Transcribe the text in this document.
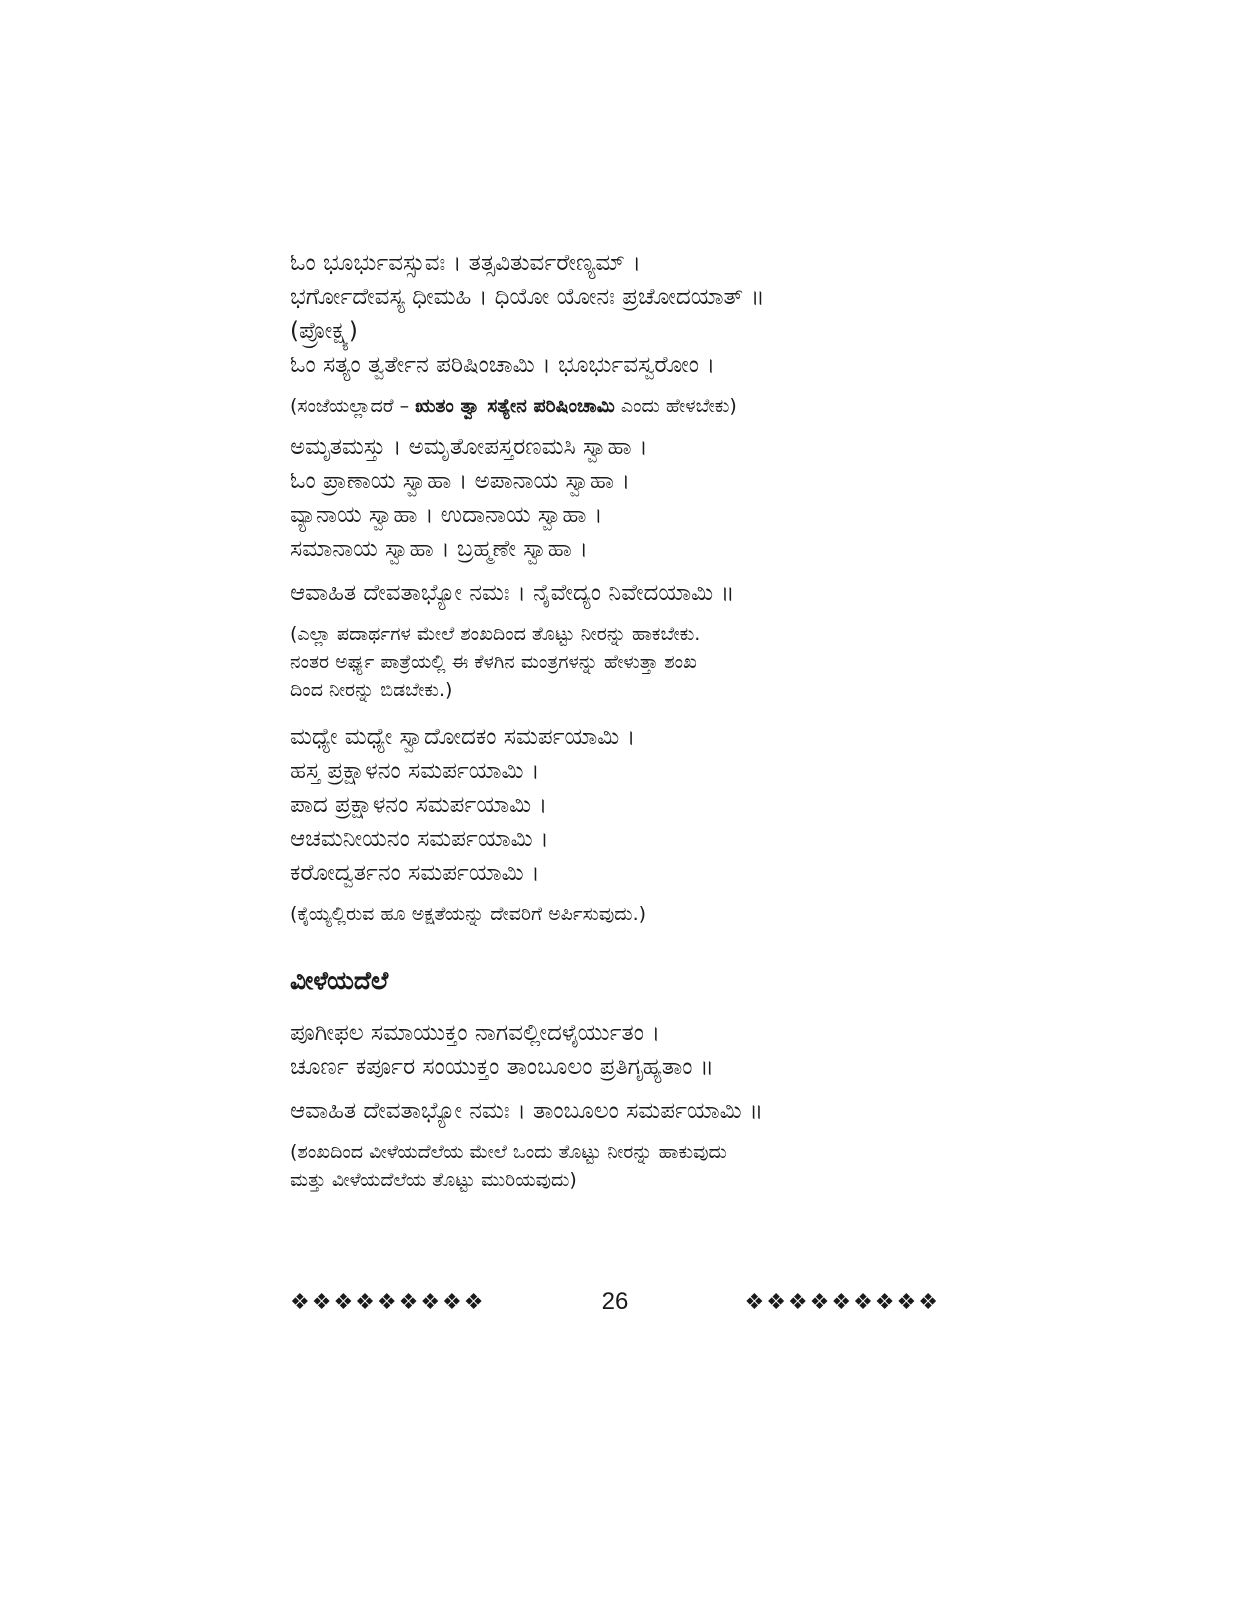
ಓಂ ಭೂರ್ಭುವಸ್ಸುವಃ । ತತ್ಸವಿತುರ್ವರೇಣ್ಯಮ್ ।
ಭರ್ಗೋದೇವಸ್ಯ ಧೀಮಹಿ । ಧಿಯೋ ಯೋನಃ ಪ್ರಚೋದಯಾತ್ ॥
(ಪ್ರೋಕ್ಷ್ಯ)
ಓಂ ಸತ್ಯಂ ತ್ವರ್ತೇನ ಪರಿಷಿಂಚಾಮಿ । ಭೂರ್ಭುವಸ್ವರೋಂ ।
(ಸಂಜೆಯಲ್ಲಾದರೆ – ಋತಂ ತ್ವಾ ಸತ್ಯೇನ ಪರಿಷಿಂಚಾಮಿ ಎಂದು ಹೇಳಬೇಕು)
ಅಮೃತಮಸ್ತು । ಅಮೃತೋಪಸ್ತರಣಮಸಿ ಸ್ವಾಹಾ ।
ಓಂ ಪ್ರಾಣಾಯ ಸ್ವಾಹಾ । ಅಪಾನಾಯ ಸ್ವಾಹಾ ।
ವ್ಯಾನಾಯ ಸ್ವಾಹಾ । ಉದಾನಾಯ ಸ್ವಾಹಾ ।
ಸಮಾನಾಯ ಸ್ವಾಹಾ । ಬ್ರಹ್ಮಣೇ ಸ್ವಾಹಾ ।
ಆವಾಹಿತ ದೇವತಾಭ್ಯೋ ನಮಃ । ನೈವೇದ್ಯಂ ನಿವೇದಯಾಮಿ ॥
(ಎಲ್ಲಾ ಪದಾರ್ಥಗಳ ಮೇಲೆ ಶಂಖದಿಂದ ತೊಟ್ಟು ನೀರನ್ನು ಹಾಕಬೇಕು.
ನಂತರ ಅರ್ಘ್ಯ ಪಾತ್ರೆಯಲ್ಲಿ ಈ ಕೆಳಗಿನ ಮಂತ್ರಗಳನ್ನು ಹೇಳುತ್ತಾ ಶಂಖ
ದಿಂದ ನೀರನ್ನು ಬಿಡಬೇಕು.)
ಮಧ್ಯೇ ಮಧ್ಯೇ ಸ್ವಾದೋದಕಂ ಸಮರ್ಪಯಾಮಿ ।
ಹಸ್ತ ಪ್ರಕ್ಷಾಳನಂ ಸಮರ್ಪಯಾಮಿ ।
ಪಾದ ಪ್ರಕ್ಷಾಳನಂ ಸಮರ್ಪಯಾಮಿ ।
ಆಚಮನೀಯನಂ ಸಮರ್ಪಯಾಮಿ ।
ಕರೋದ್ವರ್ತನಂ ಸಮರ್ಪಯಾಮಿ ।
(ಕೈಯ್ಯಲ್ಲಿರುವ ಹೂ ಅಕ್ಷತೆಯನ್ನು ದೇವರಿಗೆ ಅರ್ಪಿಸುವುದು.)
ವೀಳೆಯದೆಲೆ
ಪೂಗೀಫಲ ಸಮಾಯುಕ್ತಂ ನಾಗವಲ್ಲೀದಳೈರ್ಯುತಂ ।
ಚೂರ್ಣ ಕರ್ಪೂರ ಸಂಯುಕ್ತಂ ತಾಂಬೂಲಂ ಪ್ರತಿಗೃಹ್ಯತಾಂ ॥
ಆವಾಹಿತ ದೇವತಾಭ್ಯೋ ನಮಃ । ತಾಂಬೂಲಂ ಸಮರ್ಪಯಾಮಿ ॥
(ಶಂಖದಿಂದ ವೀಳೆಯದೆಲೆಯ ಮೇಲೆ ಒಂದು ತೊಟ್ಟು ನೀರನ್ನು ಹಾಕುವುದು
ಮತ್ತು ವೀಳೆಯದೆಲೆಯ ತೊಟ್ಟು ಮುರಿಯವುದು)
❖❖❖❖❖❖❖❖❖	26	❖❖❖❖❖❖❖❖❖
